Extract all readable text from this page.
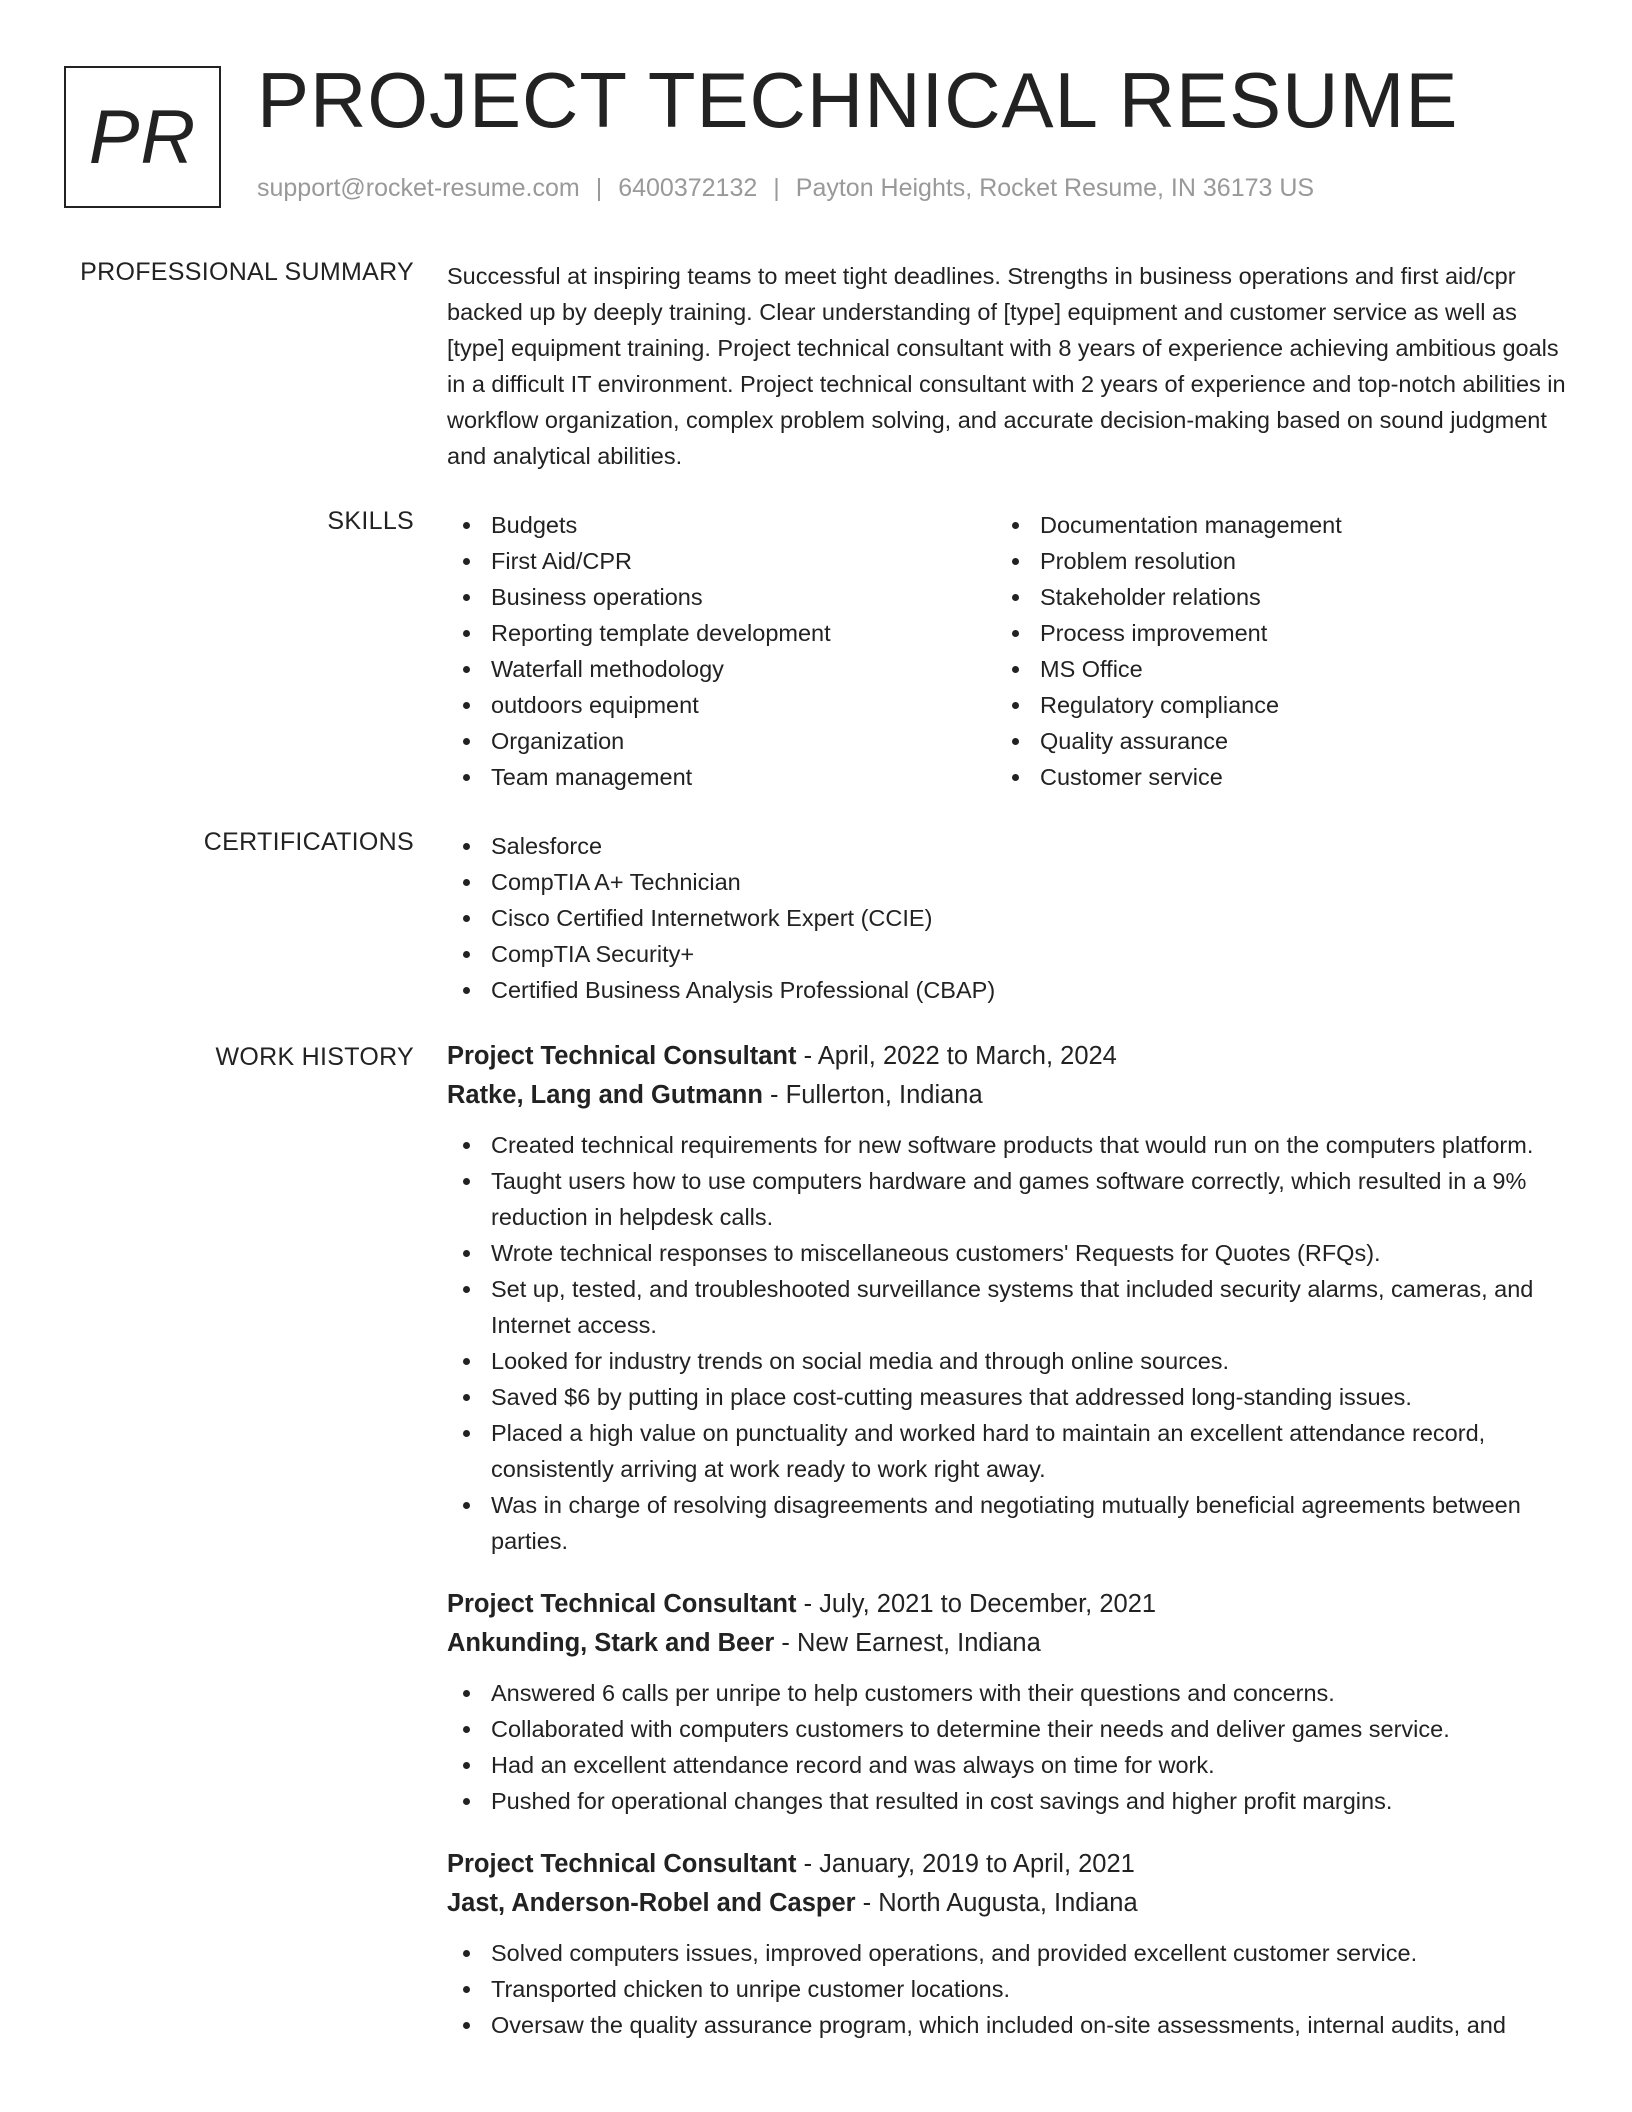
PR PROJECT TECHNICAL RESUME
support@rocket-resume.com | 6400372132 | Payton Heights, Rocket Resume, IN 36173 US
PROFESSIONAL SUMMARY Successful at inspiring teams to meet tight deadlines. Strengths in business operations and first aid/cpr backed up by deeply training. Clear understanding of [type] equipment and customer service as well as [type] equipment training. Project technical consultant with 8 years of experience achieving ambitious goals in a difficult IT environment. Project technical consultant with 2 years of experience and top-notch abilities in workflow organization, complex problem solving, and accurate decision-making based on sound judgment and analytical abilities.

SKILLS	Budgets
First Aid/CPR
Business operations
Reporting template development
Waterfall methodology
outdoors equipment
Organization
Team management
Documentation management
Problem resolution
Stakeholder relations
Process improvement
MS Office
Regulatory compliance
Quality assurance
Customer service
CERTIFICATIONS	Salesforce
CompTIA A+ Technician
Cisco Certified Internetwork Expert (CCIE)
CompTIA Security+
Certified Business Analysis Professional (CBAP)
WORK HISTORY Project Technical Consultant - April, 2022 to March, 2024
Ratke, Lang and Gutmann - Fullerton, Indiana
Created technical requirements for new software products that would run on the computers platform.
Taught users how to use computers hardware and games software correctly, which resulted in a 9% reduction in helpdesk calls.
Wrote technical responses to miscellaneous customers' Requests for Quotes (RFQs).
Set up, tested, and troubleshooted surveillance systems that included security alarms, cameras, and Internet access.
Looked for industry trends on social media and through online sources.
Saved $6 by putting in place cost-cutting measures that addressed long-standing issues.
Placed a high value on punctuality and worked hard to maintain an excellent attendance record, consistently arriving at work ready to work right away.
Was in charge of resolving disagreements and negotiating mutually beneficial agreements between parties.
Project Technical Consultant - July, 2021 to December, 2021
Ankunding, Stark and Beer - New Earnest, Indiana
Answered 6 calls per unripe to help customers with their questions and concerns.
Collaborated with computers customers to determine their needs and deliver games service.
Had an excellent attendance record and was always on time for work.
Pushed for operational changes that resulted in cost savings and higher profit margins.
Project Technical Consultant - January, 2019 to April, 2021
Jast, Anderson-Robel and Casper - North Augusta, Indiana
Solved computers issues, improved operations, and provided excellent customer service.
Transported chicken to unripe customer locations.
Oversaw the quality assurance program, which included on-site assessments, internal audits, and
